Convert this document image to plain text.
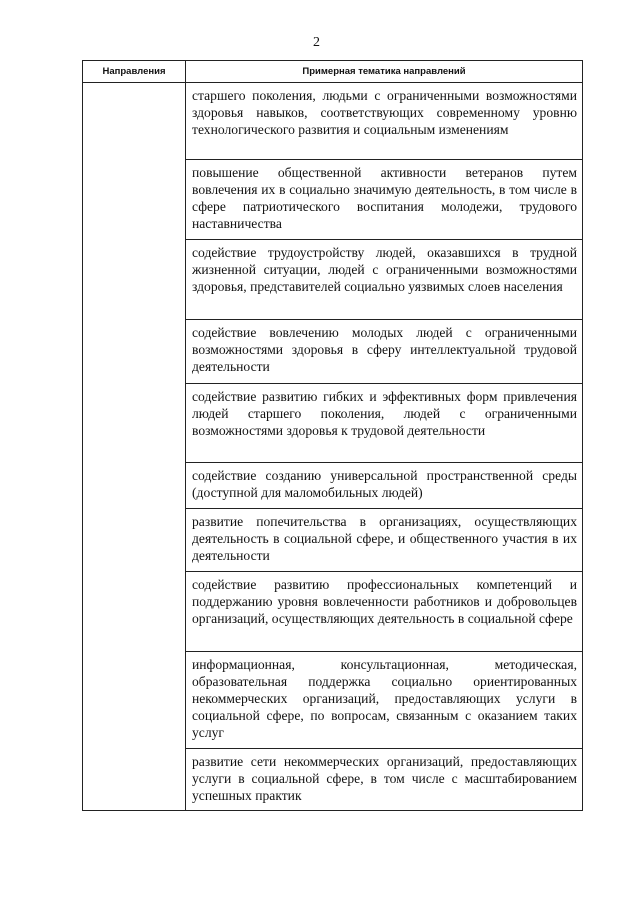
2
Направления	Примерная тематика направлений

	старшего поколения, людьми с ограниченными возможностями здоровья навыков, соответствующих современному уровню технологического развития и социальным изменениям

	повышение общественной активности ветеранов путем вовлечения их в социально значимую деятельность, в том числе в сфере патриотического воспитания молодежи, трудового наставничества

	содействие трудоустройству людей, оказавшихся в трудной жизненной ситуации, людей с ограниченными возможностями здоровья, представителей социально уязвимых слоев населения

	содействие вовлечению молодых людей с ограниченными возможностями здоровья в сферу интеллектуальной трудовой деятельности

	содействие развитию гибких и эффективных форм привлечения людей старшего поколения, людей с ограниченными возможностями здоровья к трудовой деятельности

	содействие созданию универсальной пространственной среды (доступной для маломобильных людей)

	развитие попечительства в организациях, осуществляющих деятельность в социальной сфере, и общественного участия в их деятельности

	содействие развитию профессиональных компетенций и поддержанию уровня вовлеченности работников и добровольцев организаций, осуществляющих деятельность в социальной сфере

	информационная, консультационная, методическая, образовательная поддержка социально ориентированных некоммерческих организаций, предоставляющих услуги в социальной сфере, по вопросам, связанным с оказанием таких услуг

	развитие сети некоммерческих организаций, предоставляющих услуги в социальной сфере, в том числе с масштабированием успешных практик
